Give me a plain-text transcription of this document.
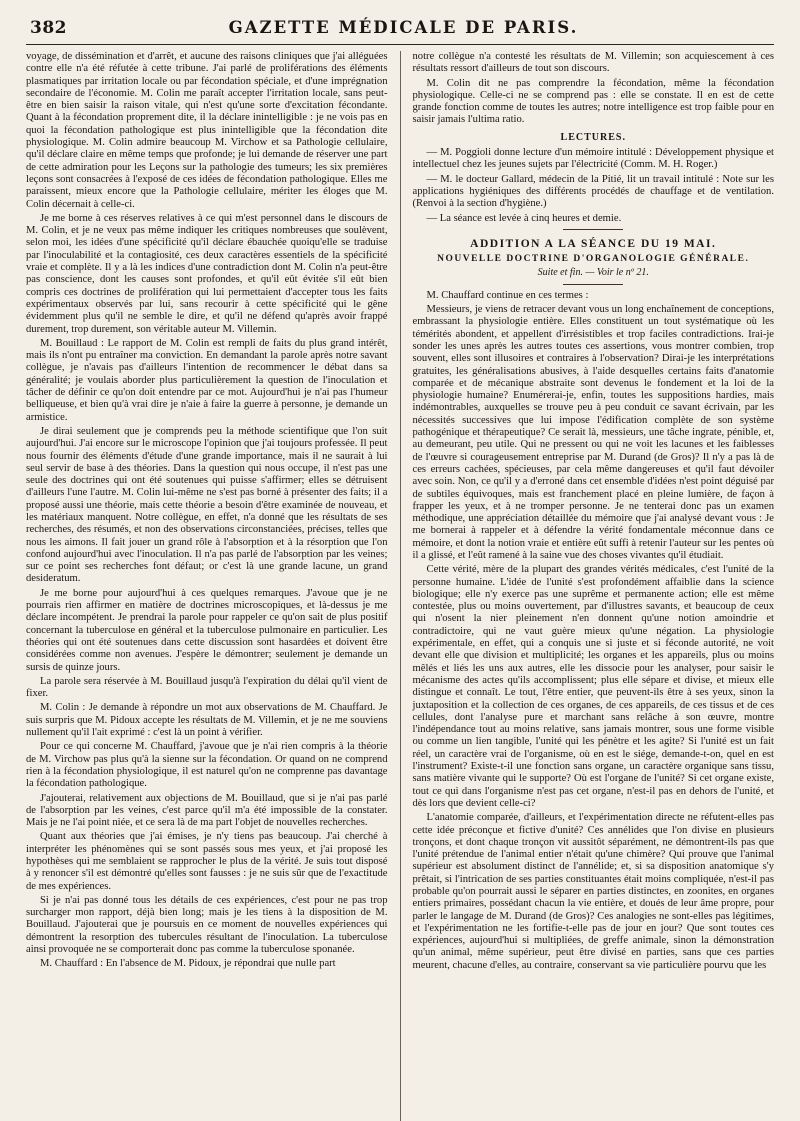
382	GAZETTE MÉDICALE DE PARIS.

voyage, de dissémination et d'arrêt, et aucune des raisons cliniques que j'ai alléguées contre elle n'a été réfutée à cette tribune. J'ai parlé de proliférations des éléments plasmatiques par irritation locale ou par fécondation spéciale, et d'une imprégnation secondaire de l'économie. M. Colin me paraît accepter l'irritation locale, sans peut-être en bien saisir la raison vitale, qui n'est qu'une sorte d'excitation fécondante. Quant à la fécondation proprement dite, il la déclare inintelligible : je ne vois pas en quoi la fécondation pathologique est plus inintelligible que la fécondation dite physiologique. M. Colin admire beaucoup M. Virchow et sa Pathologie cellulaire, qu'il déclare claire en même temps que profonde; je lui demande de réserver une part de cette admiration pour les Leçons sur la pathologie des tumeurs; les six premières leçons sont consacrées à l'exposé de ces idées de fécondation pathologique. Elles me paraissent, mieux encore que la Pathologie cellulaire, mériter les éloges que M. Colin décernait à celle-ci.

Je me borne à ces réserves relatives à ce qui m'est personnel dans le discours de M. Colin, et je ne veux pas même indiquer les critiques nombreuses que soulèvent, selon moi, les idées d'une spécificité qu'il déclare ébauchée quoiqu'elle se traduise par l'inoculabilité et la contagiosité, ces deux caractères essentiels de la spécificité vraie et complète. Il y a là les indices d'une contradiction dont M. Colin n'a peut-être pas conscience, dont les causes sont profondes, et qu'il eût évitée s'il eût bien compris ces doctrines de prolifération qui lui permettaient d'accepter tous les faits expérimentaux observés par lui, sans recourir à cette spécificité qui le gêne évidemment plus qu'il ne semble le dire, et qu'il ne défend qu'après avoir frappé durement, trop durement, son véritable auteur M. Villemin.

M. Bouillaud : Le rapport de M. Colin est rempli de faits du plus grand intérêt, mais ils n'ont pu entraîner ma conviction. En demandant la parole après notre savant collègue, je n'avais pas d'ailleurs l'intention de recommencer le débat dans sa généralité; je voulais aborder plus particulièrement la question de l'inoculation et tâcher de définir ce qu'on doit entendre par ce mot. Aujourd'hui je n'ai pas l'humeur belliqueuse, et bien qu'à vrai dire je n'aie à faire la guerre à personne, je demande un armistice.

Je dirai seulement que je comprends peu la méthode scientifique que l'on suit aujourd'hui. J'ai encore sur le microscope l'opinion que j'ai toujours professée. Il peut nous fournir des éléments d'étude d'une grande importance, mais il ne saurait à lui seul servir de base à des théories. Dans la question qui nous occupe, il n'est pas une seule des doctrines qui ont été soutenues qui puisse s'affirmer; elles se détruisent d'ailleurs l'une l'autre. M. Colin lui-même ne s'est pas borné à présenter des faits; il a proposé aussi une théorie, mais cette théorie a besoin d'être examinée de nouveau, et les matériaux manquent. Notre collègue, en effet, n'a donné que les résultats de ses recherches, des résumés, et non des observations circonstanciées, précises, telles que nous les aimons. Il fait jouer un grand rôle à l'absorption et à la résorption que l'on confond aujourd'hui avec l'inoculation. Il n'a pas parlé de l'absorption par les veines; sur ce point ses recherches font défaut; or c'est là une grande lacune, un grand desideratum.

Je me borne pour aujourd'hui à ces quelques remarques. J'avoue que je ne pourrais rien affirmer en matière de doctrines microscopiques, et là-dessus je me déclare incompétent. Je prendrai la parole pour rappeler ce qu'on sait de plus positif concernant la tuberculose en général et la tuberculose pulmonaire en particulier. Les théories qui ont été soutenues dans cette discussion sont hasardées et doivent être considérées comme non avenues. J'espère le démontrer; seulement je demande un sursis de quinze jours.

La parole sera réservée à M. Bouillaud jusqu'à l'expiration du délai qu'il vient de fixer.

M. Colin : Je demande à répondre un mot aux observations de M. Chauffard. Je suis surpris que M. Pidoux accepte les résultats de M. Villemin, et je ne me souviens nullement qu'il l'ait exprimé : c'est là un point à vérifier.

Pour ce qui concerne M. Chauffard, j'avoue que je n'ai rien compris à la théorie de M. Virchow pas plus qu'à la sienne sur la fécondation. Or quand on ne comprend rien à la fécondation physiologique, il est naturel qu'on ne comprenne pas davantage la fécondation pathologique.

J'ajouterai, relativement aux objections de M. Bouillaud, que si je n'ai pas parlé de l'absorption par les veines, c'est parce qu'il m'a été impossible de la constater. Mais je ne l'ai point niée, et ce sera là de ma part l'objet de nouvelles recherches.

Quant aux théories que j'ai émises, je n'y tiens pas beaucoup. J'ai cherché à interpréter les phénomènes qui se sont passés sous mes yeux, et j'ai proposé les hypothèses qui me semblaient se rapprocher le plus de la vérité. Je suis tout disposé à y renoncer s'il est démontré qu'elles sont fausses : je ne suis sûr que de l'exactitude de mes expériences.

Si je n'ai pas donné tous les détails de ces expériences, c'est pour ne pas trop surcharger mon rapport, déjà bien long; mais je les tiens à la disposition de M. Bouillaud. J'ajouterai que je poursuis en ce moment de nouvelles expériences qui démontrent la resorption des tubercules résultant de l'inoculation. La tuberculose ainsi provoquée ne se comporterait donc pas comme la tuberculose sponanée.

M. Chauffard : En l'absence de M. Pidoux, je répondrai que nulle part

notre collègue n'a contesté les résultats de M. Villemin; son acquiescement à ces résultats ressort d'ailleurs de tout son discours.

M. Colin dit ne pas comprendre la fécondation, même la fécondation physiologique. Celle-ci ne se comprend pas : elle se constate. Il en est de cette grande fonction comme de toutes les autres; notre intelligence est trop faible pour en saisir jamais l'ultima ratio.

LECTURES.

— M. Poggioli donne lecture d'un mémoire intitulé : Développement physique et intellectuel chez les jeunes sujets par l'électricité (Comm. M. H. Roger.)

— M. le docteur Gallard, médecin de la Pitié, lit un travail intitulé : Note sur les applications hygiéniques des différents procédés de chauffage et de ventilation. (Renvoi à la section d'hygiène.)

— La séance est levée à cinq heures et demie.

ADDITION A LA SÉANCE DU 19 MAI.
NOUVELLE DOCTRINE D'ORGANOLOGIE GÉNÉRALE.
Suite et fin. — Voir le nº 21.

M. Chauffard continue en ces termes :

Messieurs, je viens de retracer devant vous un long enchaînement de conceptions, embrassant la physiologie entière. Elles constituent un tout systématique où les témérités abondent, et appellent d'irrésistibles et trop faciles contradictions. Irai-je sonder les unes après les autres toutes ces assertions, vous montrer combien, trop souvent, elles sont illusoires et contraires à l'observation? Dirai-je les interprétations gratuites, les généralisations abusives, à l'aide desquelles certains faits d'anatomie comparée et de mécanique abstraite sont devenus le fondement et la loi de la physiologie humaine? Enumérerai-je, enfin, toutes les suppositions hardies, mais indémontrables, auxquelles se trouve peu à peu conduit ce savant écrivain, par les nécessités successives que lui impose l'édification complète de son système pathogénique et thérapeutique? Ce serait là, messieurs, une tâche ingrate, pénible, et, au demeurant, peu utile. Qui ne pressent ou qui ne voit les lacunes et les faiblesses de l'œuvre si courageusement entreprise par M. Durand (de Gros)? Il n'y a pas là de ces erreurs cachées, spécieuses, par cela même dangereuses et qu'il faut dévoiler avec soin. Non, ce qu'il y a d'erroné dans cet ensemble d'idées n'est point déguisé par de subtiles équivoques, mais est franchement placé en pleine lumière, de façon à frapper les yeux, et à ne tromper personne. Je ne tenterai donc pas un examen méthodique, une appréciation détaillée du mémoire que j'ai analysé devant vous : Je me bornerai à rappeler et à défendre la vérité fondamentale méconnue dans ce mémoire, et dont la notion vraie et entière eût suffi à retenir l'auteur sur les pentes où il a glissé, et l'eût ramené à la saine vue des choses vivantes qu'il étudiait.

Cette vérité, mère de la plupart des grandes vérités médicales, c'est l'unité de la personne humaine. L'idée de l'unité s'est profondément affaiblie dans la science biologique; elle n'y exerce pas une suprême et permanente action; elle est même contestée, plus ou moins ouvertement, par d'illustres savants, et beaucoup de ceux qui n'osent la nier pleinement n'en donnent qu'une notion amoindrie et contradictoire, qui ne vaut guère mieux qu'une négation. La physiologie expérimentale, en effet, qui a conquis une si juste et si féconde autorité, ne voit devant elle que division et multiplicité; les organes et les appareils, plus ou moins mêlés et liés les uns aux autres, elle les dissocie pour les analyser, pour saisir le mécanisme des actes qu'ils accomplissent; plus elle sépare et divise, et mieux elle distingue et connaît. Le tout, l'être entier, que peuvent-ils être à ses yeux, sinon la juxtaposition et la collection de ces organes, de ces appareils, de ces tissus et de ces cellules, dont l'analyse pure et marchant sans relâche à son œuvre, montre l'indépendance tout au moins relative, sans jamais montrer, sous une forme visible ou comme un lien tangible, l'unité qui les pénètre et les agite? Si l'unité est un fait réel, un caractère vrai de l'organisme, où en est le siége, demande-t-on, quel en est l'instrument? Existe-t-il une fonction sans organe, un caractère organique sans tissu, sans matière vivante qui le supporte? Où est l'organe de l'unité? Si cet organe existe, tout ce qui dans l'organisme n'est pas cet organe, n'est-il pas en dehors de l'unité, et dès lors que devient celle-ci?

L'anatomie comparée, d'ailleurs, et l'expérimentation directe ne réfutent-elles pas cette idée préconçue et fictive d'unité? Ces annélides que l'on divise en plusieurs tronçons, et dont chaque tronçon vit aussitôt séparément, ne démontrent-ils pas que l'unité prétendue de l'animal entier n'était qu'une chimère? Qui prouve que l'animal supérieur est absolument distinct de l'annélide; et, si sa disposition anatomique s'y prêtait, si l'intrication de ses parties constituantes était moins compliquée, n'est-il pas probable qu'on pourrait aussi le séparer en parties distinctes, en zoonites, en organes entiers primaires, possédant chacun la vie entière, et doués de leur âme propre, pour parler le langage de M. Durand (de Gros)? Ces analogies ne sont-elles pas légitimes, et l'expérimentation ne les fortifie-t-elle pas de jour en jour? Que sont toutes ces expériences, aujourd'hui si multipliées, de greffe animale, sinon la démonstration qu'un animal, même supérieur, peut être divisé en parties, sans que ces parties meurent, chacune d'elles, au contraire, conservant sa vie particulière pourvu que les
